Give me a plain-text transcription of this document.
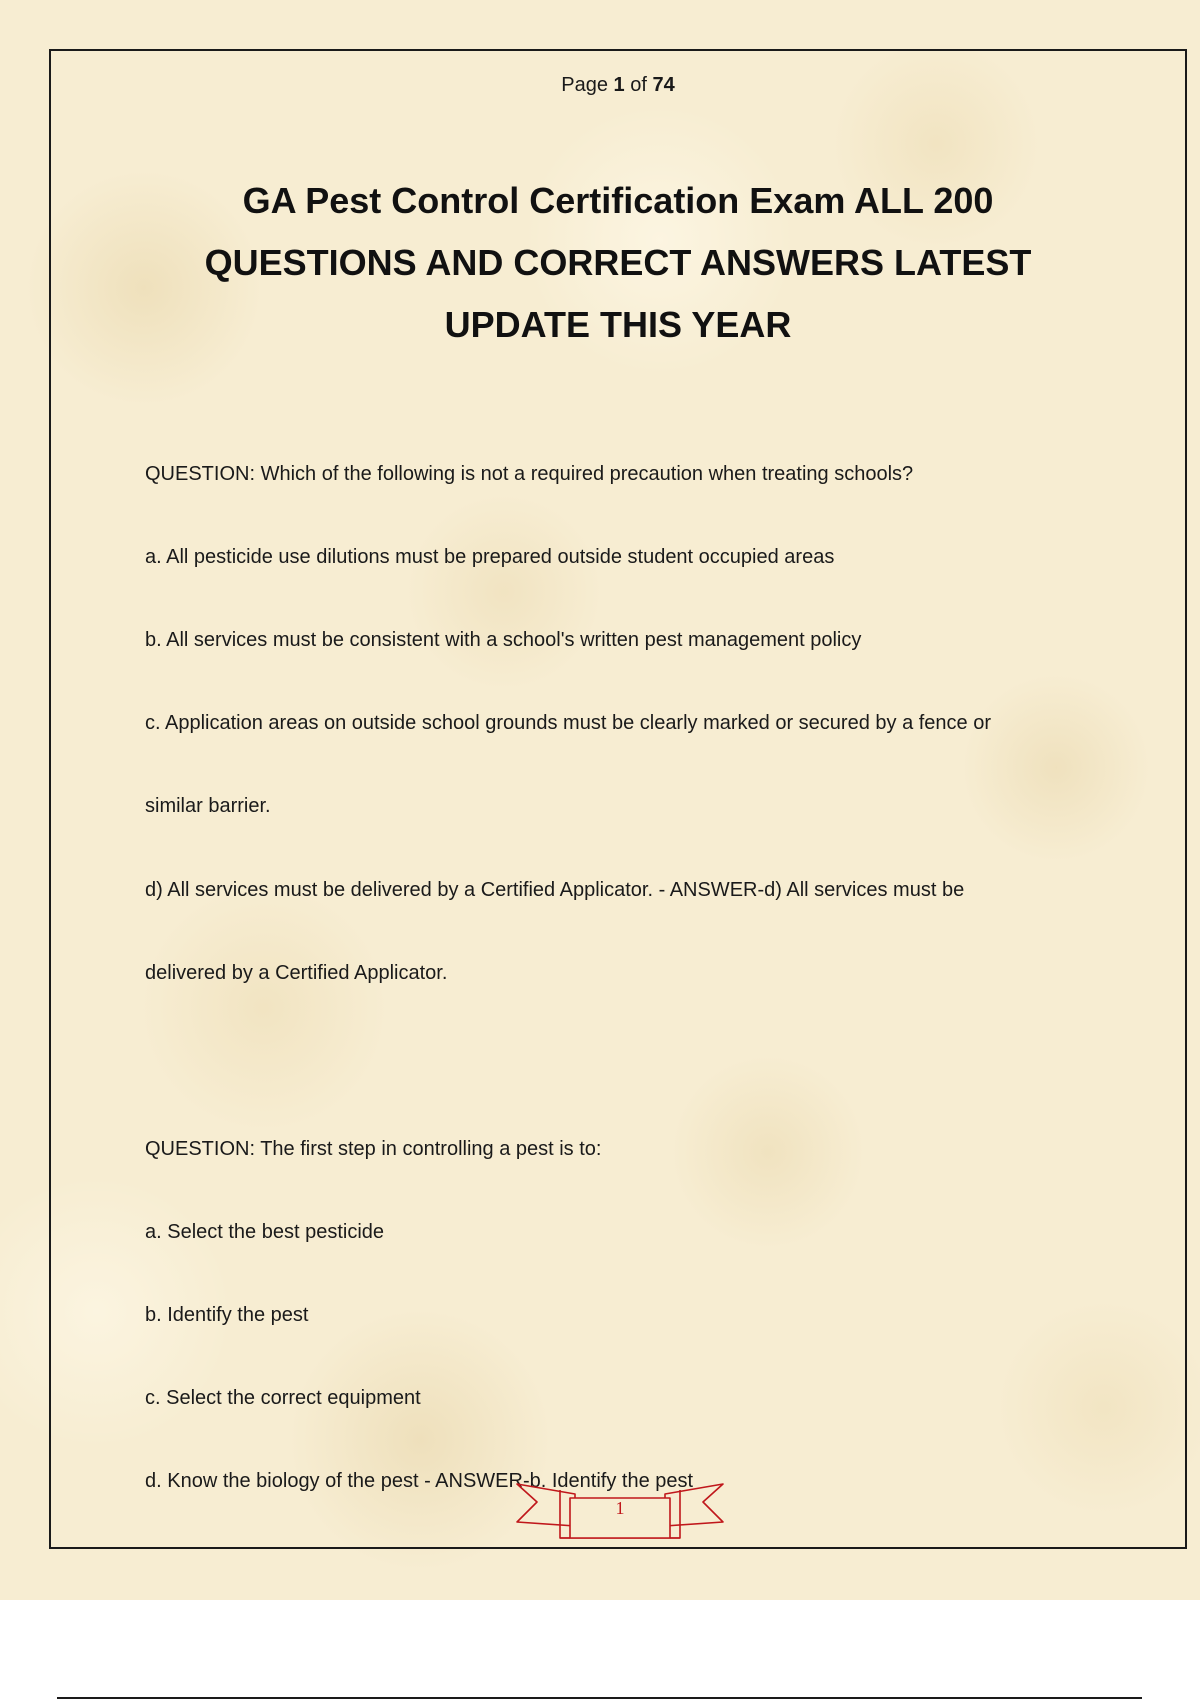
Page 1 of 74
GA Pest Control Certification Exam ALL 200
QUESTIONS AND CORRECT ANSWERS LATEST
UPDATE THIS YEAR

QUESTION: Which of the following is not a required precaution when treating schools?

a. All pesticide use dilutions must be prepared outside student occupied areas

b. All services must be consistent with a school's written pest management policy

c. Application areas on outside school grounds must be clearly marked or secured by a fence or

similar barrier.

d) All services must be delivered by a Certified Applicator. - ANSWER-d) All services must be

delivered by a Certified Applicator.

QUESTION: The first step in controlling a pest is to:

a. Select the best pesticide

b. Identify the pest

c. Select the correct equipment

d. Know the biology of the pest - ANSWER-b. Identify the pest

1
